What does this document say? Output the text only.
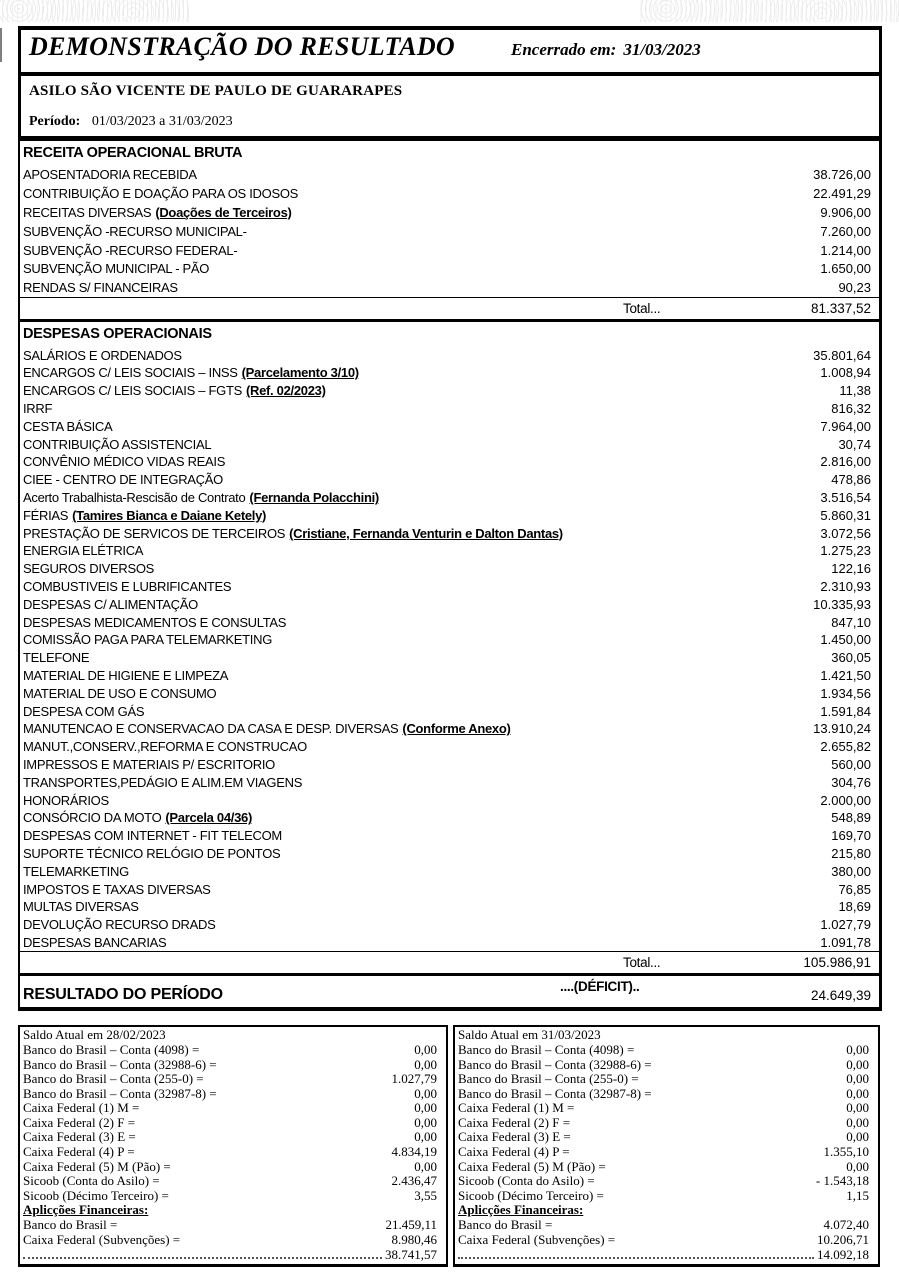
DEMONSTRAÇÃO DO RESULTADO	Encerrado em: 31/03/2023
ASILO SÃO VICENTE DE PAULO DE GUARARAPES
Período: 01/03/2023 a 31/03/2023
RECEITA OPERACIONAL BRUTA
APOSENTADORIA RECEBIDA	38.726,00
CONTRIBUIÇÃO E DOAÇÃO PARA OS IDOSOS	22.491,29
RECEITAS DIVERSAS (Doações de Terceiros)	9.906,00
SUBVENÇÃO -RECURSO MUNICIPAL-	7.260,00
SUBVENÇÃO -RECURSO FEDERAL-	1.214,00
SUBVENÇÃO MUNICIPAL - PÃO	1.650,00
RENDAS S/ FINANCEIRAS	90,23
Total...	81.337,52
DESPESAS OPERACIONAIS
SALÁRIOS E ORDENADOS	35.801,64
ENCARGOS C/ LEIS SOCIAIS – INSS (Parcelamento 3/10)	1.008,94
ENCARGOS C/ LEIS SOCIAIS – FGTS (Ref. 02/2023)	11,38
IRRF	816,32
CESTA BÁSICA	7.964,00
CONTRIBUIÇÃO ASSISTENCIAL	30,74
CONVÊNIO MÉDICO VIDAS REAIS	2.816,00
CIEE - CENTRO DE INTEGRAÇÃO	478,86
Acerto Trabalhista-Rescisão de Contrato (Fernanda Polacchini)	3.516,54
FÉRIAS (Tamires Bianca e Daiane Ketely)	5.860,31
PRESTAÇÃO DE SERVICOS DE TERCEIROS (Cristiane, Fernanda Venturin e Dalton Dantas)	3.072,56
ENERGIA ELÉTRICA	1.275,23
SEGUROS DIVERSOS	122,16
COMBUSTIVEIS E LUBRIFICANTES	2.310,93
DESPESAS C/ ALIMENTAÇÃO	10.335,93
DESPESAS MEDICAMENTOS E CONSULTAS	847,10
COMISSÃO PAGA PARA TELEMARKETING	1.450,00
TELEFONE	360,05
MATERIAL DE HIGIENE E LIMPEZA	1.421,50
MATERIAL DE USO E CONSUMO	1.934,56
DESPESA COM GÁS	1.591,84
MANUTENCAO E CONSERVACAO DA CASA E DESP. DIVERSAS (Conforme Anexo)	13.910,24
MANUT.,CONSERV.,REFORMA E CONSTRUCAO	2.655,82
IMPRESSOS E MATERIAIS P/ ESCRITORIO	560,00
TRANSPORTES,PEDÁGIO E ALIM.EM VIAGENS	304,76
HONORÁRIOS	2.000,00
CONSÓRCIO DA MOTO (Parcela 04/36)	548,89
DESPESAS COM INTERNET - FIT TELECOM	169,70
SUPORTE TÉCNICO RELÓGIO DE PONTOS	215,80
TELEMARKETING	380,00
IMPOSTOS E TAXAS DIVERSAS	76,85
MULTAS DIVERSAS	18,69
DEVOLUÇÃO RECURSO DRADS	1.027,79
DESPESAS BANCARIAS	1.091,78
Total...	105.986,91
RESULTADO DO PERÍODO	....(DÉFICIT)..
24.649,39
Saldo Atual em 28/02/2023
Banco do Brasil – Conta (4098) =	0,00
Banco do Brasil – Conta (32988-6) =	0,00
Banco do Brasil – Conta (255-0) =	1.027,79
Banco do Brasil – Conta (32987-8) =	0,00
Caixa Federal (1) M =	0,00
Caixa Federal (2) F =	0,00
Caixa Federal (3) E =	0,00
Caixa Federal (4) P =	4.834,19
Caixa Federal (5) M (Pão) =	0,00
Sicoob (Conta do Asilo) =	2.436,47
Sicoob (Décimo Terceiro) =	3,55
Aplicções Financeiras:
Banco do Brasil =	21.459,11
Caixa Federal (Subvenções) =	8.980,46
38.741,57
Saldo Atual em 31/03/2023
Banco do Brasil – Conta (4098) =	0,00
Banco do Brasil – Conta (32988-6) =	0,00
Banco do Brasil – Conta (255-0) =	0,00
Banco do Brasil – Conta (32987-8) =	0,00
Caixa Federal (1) M =	0,00
Caixa Federal (2) F =	0,00
Caixa Federal (3) E =	0,00
Caixa Federal (4) P =	1.355,10
Caixa Federal (5) M (Pão) =	0,00
Sicoob (Conta do Asilo) =	- 1.543,18
Sicoob (Décimo Terceiro) =	1,15
Aplicções Financeiras:
Banco do Brasil =	4.072,40
Caixa Federal (Subvenções) =	10.206,71
14.092,18
